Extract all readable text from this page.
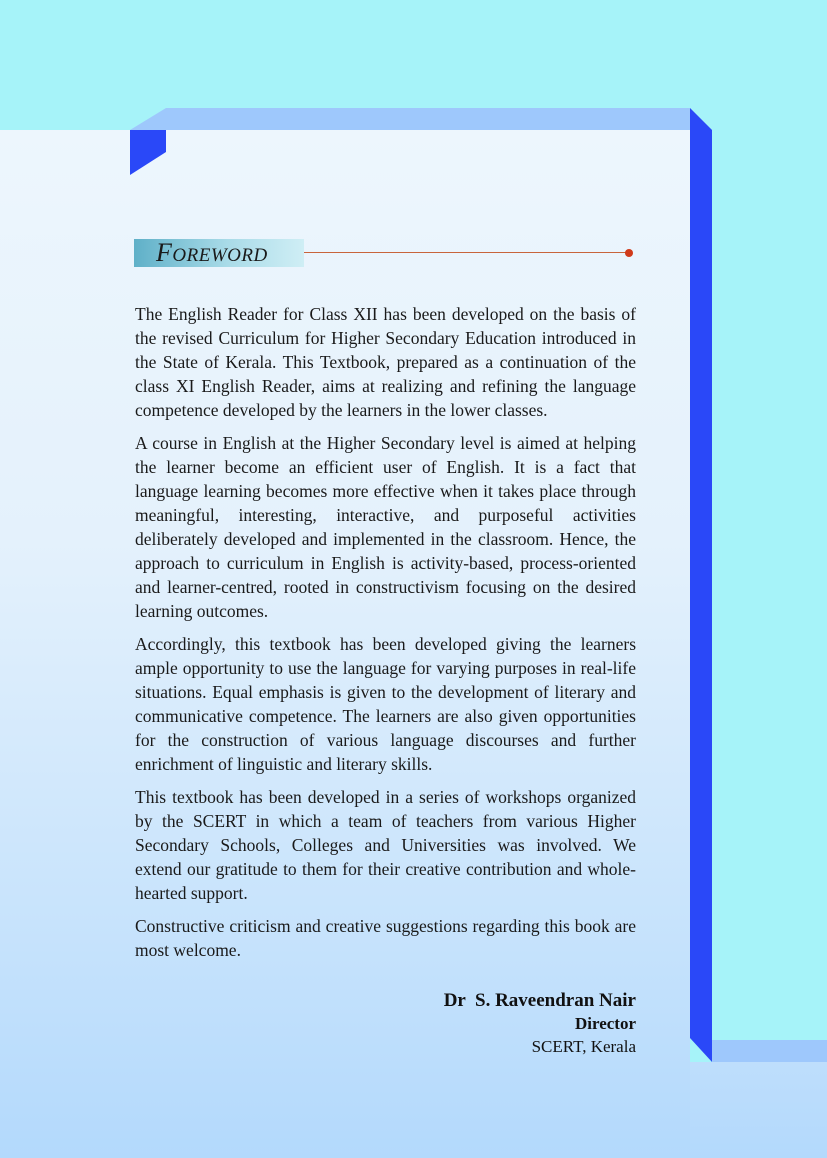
FOREWORD

The English Reader for Class XII has been developed on the basis of the revised Curriculum for Higher Secondary Education introduced in the State of Kerala. This Textbook, prepared as a continuation of the class XI English Reader, aims at realizing and refining the language competence developed by the learners in the lower classes.

A course in English at the Higher Secondary level is aimed at helping the learner become an efficient user of English. It is a fact that language learning becomes more effective when it takes place through meaningful, interesting, interactive, and purposeful activities deliberately developed and implemented in the classroom. Hence, the approach to curriculum in English is activity-based, process-oriented and learner-centred, rooted in constructivism focusing on the desired learning outcomes.

Accordingly, this textbook has been developed giving the learners ample opportunity to use the language for varying purposes in real-life situations. Equal emphasis is given to the development of literary and communicative competence. The learners are also given opportunities for the construction of various language discourses and further enrichment of linguistic and literary skills.

This textbook has been developed in a series of workshops organized by the SCERT in which a team of teachers from various Higher Secondary Schools, Colleges and Universities was involved. We extend our gratitude to them for their creative contribution and whole-hearted support.

Constructive criticism and creative suggestions regarding this book are most welcome.

Dr  S. Raveendran Nair
Director
SCERT, Kerala
